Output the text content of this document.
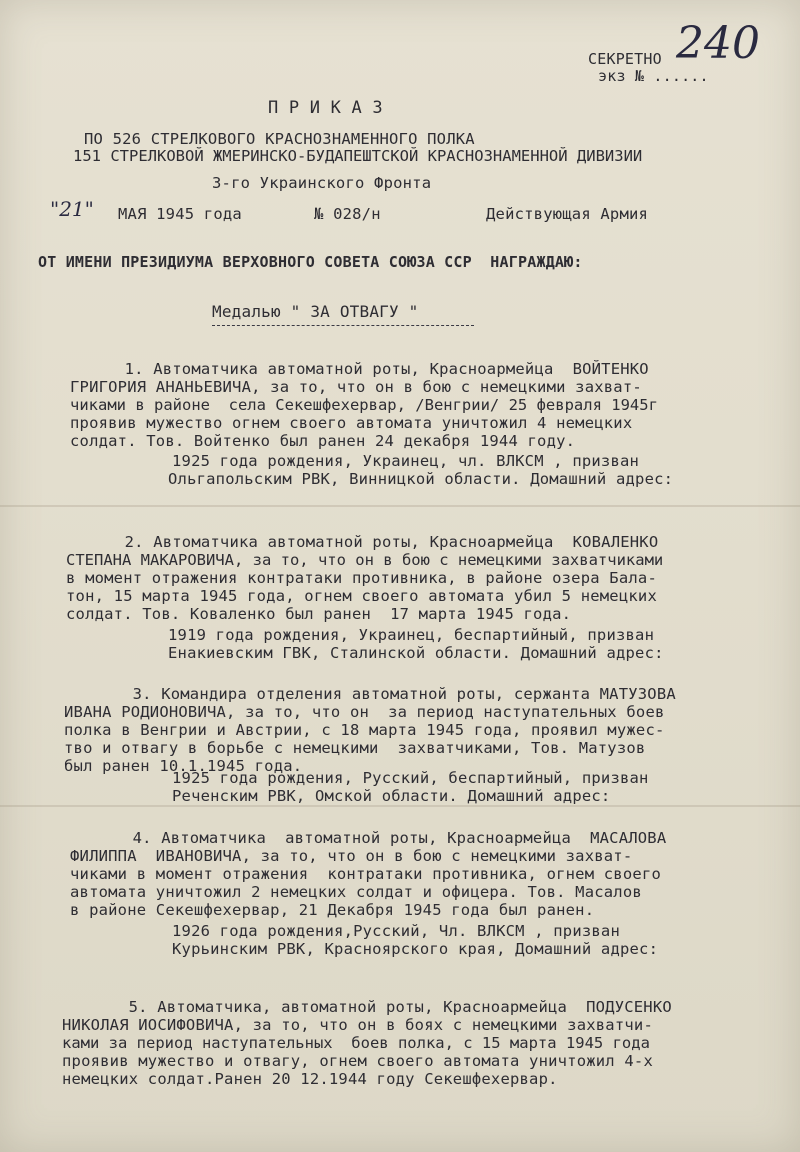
СЕКРЕТНО
экз № ......
240
П Р И К А З
ПО 526 СТРЕЛКОВОГО КРАСНОЗНАМЕННОГО ПОЛКА
151 СТРЕЛКОВОЙ ЖМЕРИНСКО-БУДАПЕШТСКОЙ КРАСНОЗНАМЕННОЙ ДИВИЗИИ
3-го Украинского Фронта
"21" МАЯ 1945 года	№ 028/н	Действующая Армия
ОТ ИМЕНИ ПРЕЗИДИУМА ВЕРХОВНОГО СОВЕТА СОЮЗА ССР  НАГРАЖДАЮ:
Медалью " ЗА ОТВАГУ "
1. Автоматчика автоматной роты, Красноармейца  ВОЙТЕНКО
ГРИГОРИЯ АНАНЬЕВИЧА, за то, что он в бою с немецкими захват-
чиками в районе  села Секешфехервар, /Венгрии/ 25 февраля 1945г
проявив мужество огнем своего автомата уничтожил 4 немецких
солдат. Тов. Войтенко был ранен 24 декабря 1944 году.
1925 года рождения, Украинец, чл. ВЛКСМ , призван
Ольгапольским РВК, Винницкой области. Домашний адрес:
2. Автоматчика автоматной роты, Красноармейца  КОВАЛЕНКО
СТЕПАНА МАКАРОВИЧА, за то, что он в бою с немецкими захватчиками
в момент отражения контратаки противника, в районе озера Бала-
тон, 15 марта 1945 года, огнем своего автомата убил 5 немецких
солдат. Тов. Коваленко был ранен  17 марта 1945 года.
1919 года рождения, Украинец, беспартийный, призван
Енакиевским ГВК, Сталинской области. Домашний адрес:
3. Командира отделения автоматной роты, сержанта МАТУЗОВА
ИВАНА РОДИОНОВИЧА, за то, что он  за период наступательных боев
полка в Венгрии и Австрии, с 18 марта 1945 года, проявил мужес-
тво и отвагу в борьбе с немецкими  захватчиками, Тов. Матузов
был ранен 10.1.1945 года.
1925 года рождения, Русский, беспартийный, призван
Реченским РВК, Омской области. Домашний адрес:
4. Автоматчика  автоматной роты, Красноармейца  МАСАЛОВА
ФИЛИППА  ИВАНОВИЧА, за то, что он в бою с немецкими захват-
чиками в момент отражения  контратаки противника, огнем своего
автомата уничтожил 2 немецких солдат и офицера. Тов. Масалов
в районе Секешфехервар, 21 Декабря 1945 года был ранен.
1926 года рождения,Русский, Чл. ВЛКСМ , призван
Курьинским РВК, Красноярского края, Домашний адрес:
5. Автоматчика, автоматной роты, Красноармейца  ПОДУСЕНКО
НИКОЛАЯ ИОСИФОВИЧА, за то, что он в боях с немецкими захватчи-
ками за период наступательных  боев полка, с 15 марта 1945 года
проявив мужество и отвагу, огнем своего автомата уничтожил 4-х
немецких солдат.Ранен 20 12.1944 году Секешфехервар.
